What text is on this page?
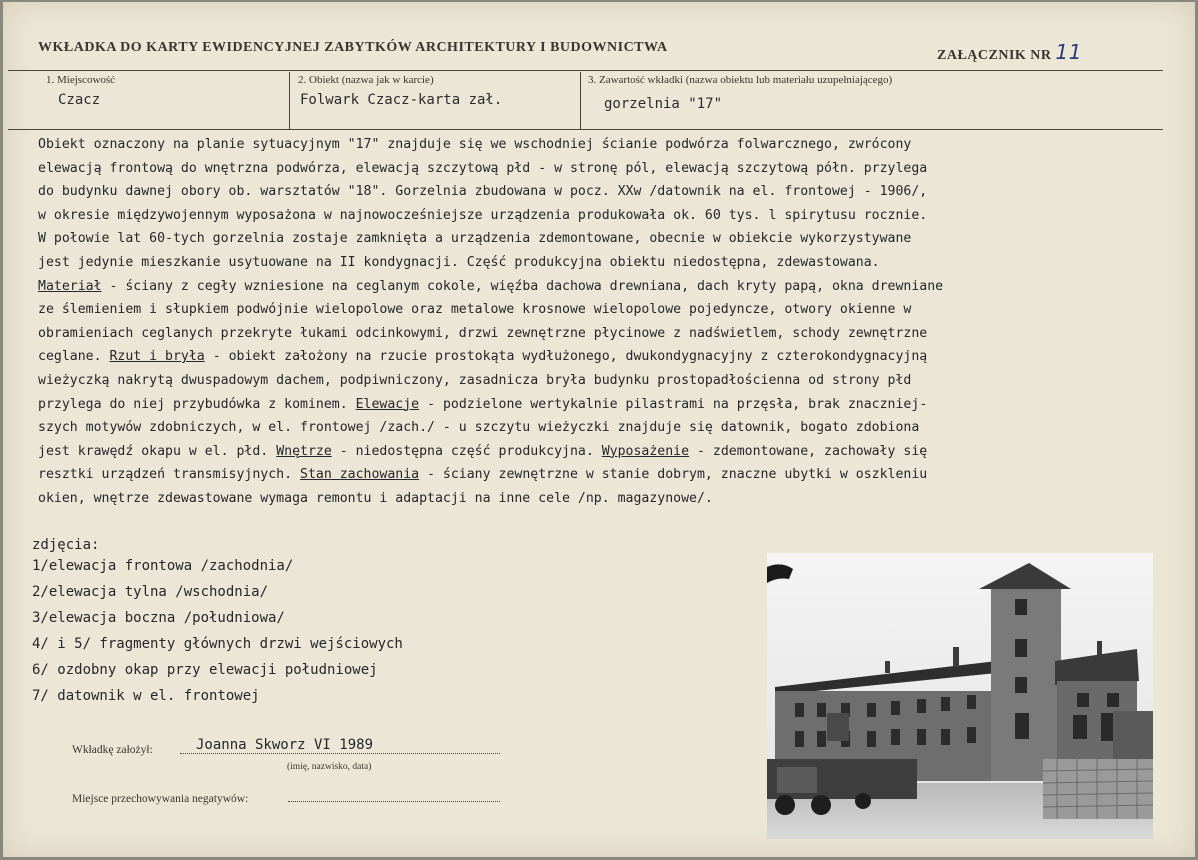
WKŁADKA DO KARTY EWIDENCYJNEJ ZABYTKÓW ARCHITEKTURY I BUDOWNICTWA
ZAŁĄCZNIK NR 11
1. Miejscowość
Czacz
2. Obiekt (nazwa jak w karcie)
Folwark Czacz-karta zał.
3. Zawartość wkładki (nazwa obiektu lub materiału uzupełniającego)
gorzelnia "17"
Obiekt oznaczony na planie sytuacyjnym "17" znajduje się we wschodniej ścianie podwórza folwarcznego, zwrócony
elewacją frontową do wnętrzna podwórza, elewacją szczytową płd - w stronę pól, elewacją szczytową półn. przylega
do budynku dawnej obory ob. warsztatów "18". Gorzelnia zbudowana w pocz. XXw /datownik na el. frontowej - 1906/,
w okresie międzywojennym wyposażona w najnowocześniejsze urządzenia produkowała ok. 60 tys. l spirytusu rocznie.
W połowie lat 60-tych gorzelnia zostaje zamknięta a urządzenia zdemontowane, obecnie w obiekcie wykorzystywane
jest jedynie mieszkanie usytuowane na II kondygnacji. Część produkcyjna obiektu niedostępna, zdewastowana.
Materiał - ściany z cegły wzniesione na ceglanym cokole, więźba dachowa drewniana, dach kryty papą, okna drewniane
ze ślemieniem i słupkiem podwójnie wielopolowe oraz metalowe krosnowe wielopolowe pojedyncze, otwory okienne w
obramieniach ceglanych przekryte łukami odcinkowymi, drzwi zewnętrzne płycinowe z nadświetlem, schody zewnętrzne
ceglane. Rzut i bryła - obiekt założony na rzucie prostokąta wydłużonego, dwukondygnacyjny z czterokondygnacyjną
wieżyczką nakrytą dwuspadowym dachem, podpiwniczony, zasadnicza bryła budynku prostopadłościenna od strony płd
przylega do niej przybudówka z kominem. Elewacje - podzielone wertykalnie pilastrami na przęsła, brak znaczniej-
szych motywów zdobniczych, w el. frontowej /zach./ - u szczytu wieżyczki znajduje się datownik, bogato zdobiona
jest krawędź okapu w el. płd. Wnętrze - niedostępna część produkcyjna. Wyposażenie - zdemontowane, zachowały się
resztki urządzeń transmisyjnych. Stan zachowania - ściany zewnętrzne w stanie dobrym, znaczne ubytki w oszkleniu
okien, wnętrze zdewastowane wymaga remontu i adaptacji na inne cele /np. magazynowe/.
zdjęcia:
1/elewacja frontowa /zachodnia/
2/elewacja tylna /wschodnia/
3/elewacja boczna /południowa/
4/ i 5/ fragmenty głównych drzwi wejściowych
6/ ozdobny okap przy elewacji południowej
7/ datownik w el. frontowej
Wkładkę założył:	Joanna Skworz VI 1989
(imię, nazwisko, data)
Miejsce przechowywania negatywów:
